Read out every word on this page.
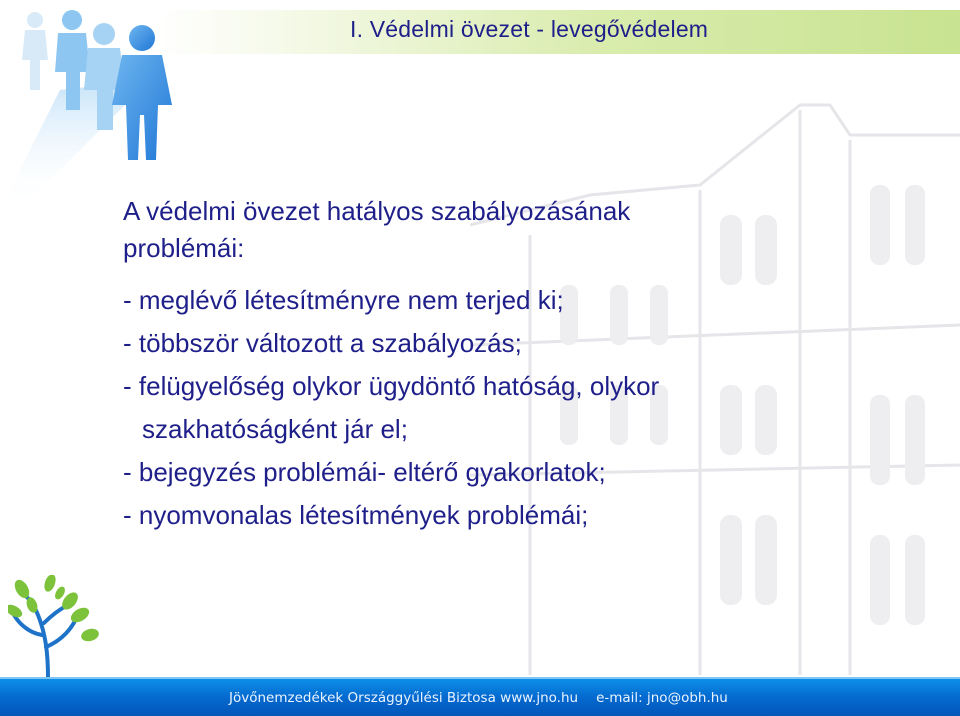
I. Védelmi övezet - levegővédelem

A védelmi övezet hatályos szabályozásának

problémái:

- meglévő létesítményre nem terjed ki;

- többször változott a szabályozás;

- felügyelőség olykor ügydöntő hatóság, olykor

szakhatóságként jár el;

- bejegyzés problémái- eltérő gyakorlatok;

- nyomvonalas létesítmények problémái;

Jövőnemzedékek Országgyűlési Biztosa www.jno.hu e-mail: jno@obh.hu
